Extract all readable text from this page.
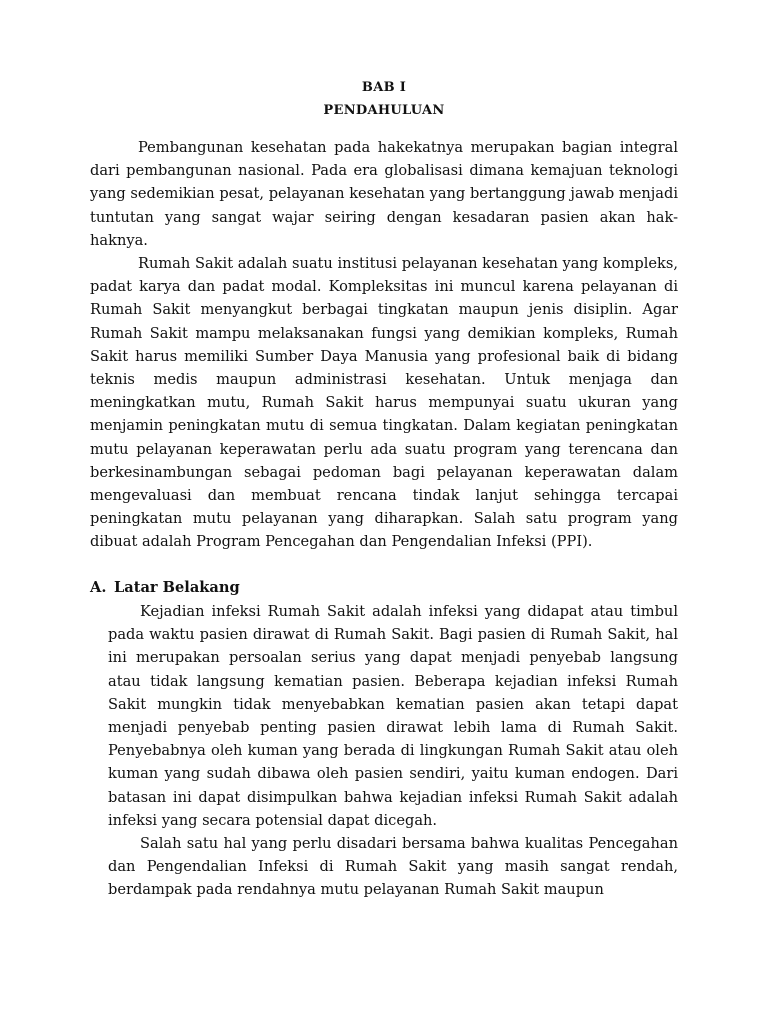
BAB I
PENDAHULUAN

Pembangunan kesehatan pada hakekatnya merupakan bagian integral dari pembangunan nasional. Pada era globalisasi dimana kemajuan teknologi yang sedemikian pesat, pelayanan kesehatan yang bertanggung jawab menjadi tuntutan yang sangat wajar seiring dengan kesadaran pasien akan hak-haknya.

Rumah Sakit adalah suatu institusi pelayanan kesehatan yang kompleks, padat karya dan padat modal. Kompleksitas ini muncul karena pelayanan di Rumah Sakit menyangkut berbagai tingkatan maupun jenis disiplin. Agar Rumah Sakit mampu melaksanakan fungsi yang demikian kompleks, Rumah Sakit harus memiliki Sumber Daya Manusia yang profesional baik di bidang teknis medis maupun administrasi kesehatan. Untuk menjaga dan meningkatkan mutu, Rumah Sakit harus mempunyai suatu ukuran yang menjamin peningkatan mutu di semua tingkatan. Dalam kegiatan peningkatan mutu pelayanan keperawatan perlu ada suatu program yang terencana dan berkesinambungan sebagai pedoman bagi pelayanan keperawatan dalam mengevaluasi dan membuat rencana tindak lanjut sehingga tercapai peningkatan mutu pelayanan yang diharapkan. Salah satu program yang dibuat adalah Program Pencegahan dan Pengendalian Infeksi (PPI).

A. Latar Belakang

Kejadian infeksi Rumah Sakit adalah infeksi yang didapat atau timbul pada waktu pasien dirawat di Rumah Sakit. Bagi pasien di Rumah Sakit, hal ini merupakan persoalan serius yang dapat menjadi penyebab langsung atau tidak langsung kematian pasien. Beberapa kejadian infeksi Rumah Sakit mungkin tidak menyebabkan kematian pasien akan tetapi dapat menjadi penyebab penting pasien dirawat lebih lama di Rumah Sakit. Penyebabnya oleh kuman yang berada di lingkungan Rumah Sakit atau oleh kuman yang sudah dibawa oleh pasien sendiri, yaitu kuman endogen. Dari batasan ini dapat disimpulkan bahwa kejadian infeksi Rumah Sakit adalah infeksi yang secara potensial dapat dicegah.

Salah satu hal yang perlu disadari bersama bahwa kualitas Pencegahan dan Pengendalian Infeksi di Rumah Sakit yang masih sangat rendah, berdampak pada rendahnya mutu pelayanan Rumah Sakit maupun
